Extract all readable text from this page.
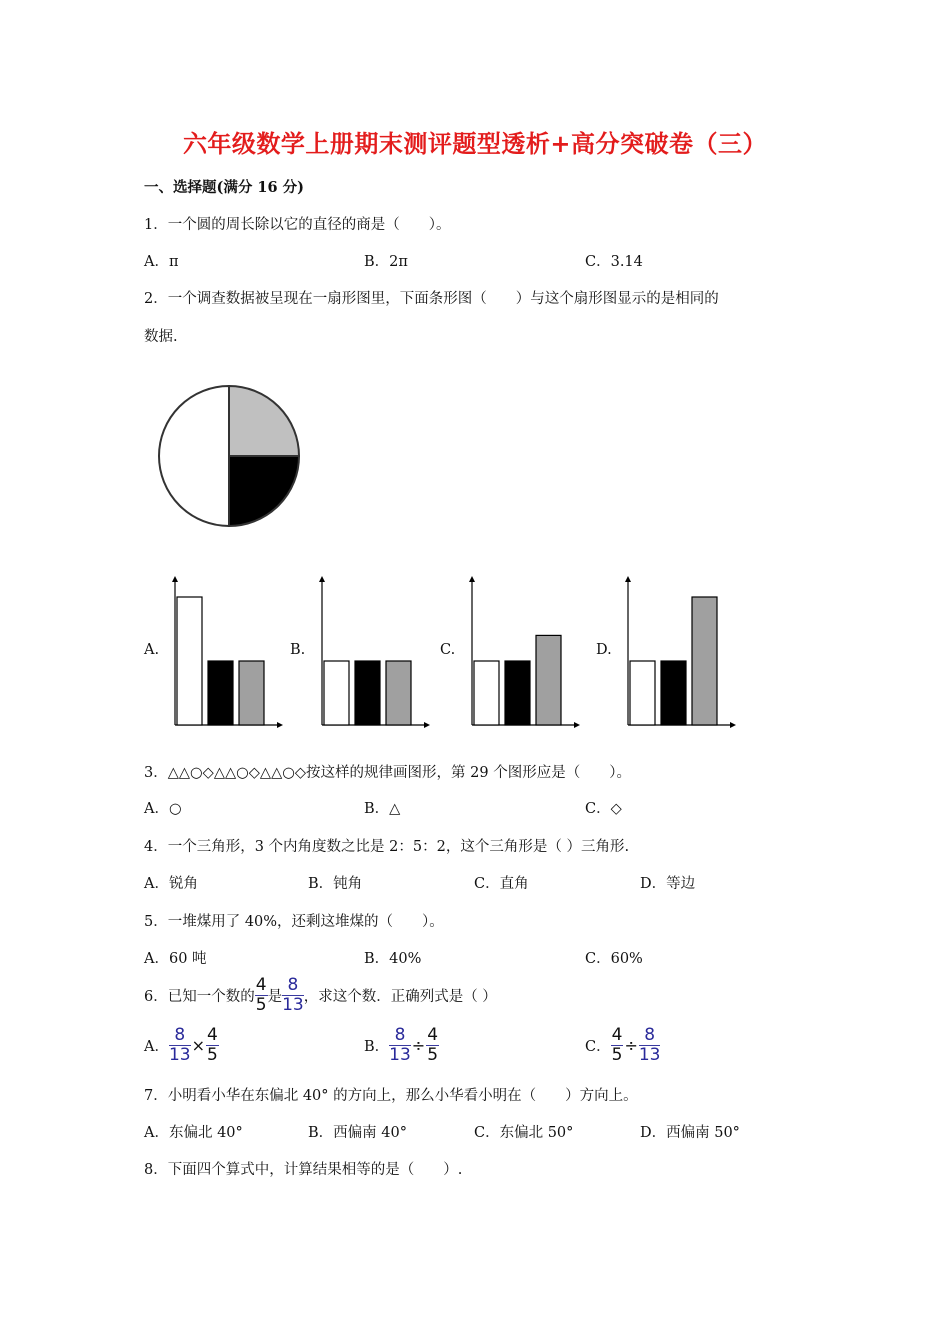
六年级数学上册期末测评题型透析+高分突破卷（三）
一、选择题(满分 16 分)
1．一个圆的周长除以它的直径的商是（　　）。
A．π	B．2π	C．3.14
2．一个调查数据被呈现在一扇形图里，下面条形图（　　）与这个扇形图显示的是相同的
数据.
A.	B.	C.	D.
3．△△○◇△△○◇△△○◇按这样的规律画图形，第 29 个图形应是（　　）。
A．○	B．△	C．◇
4．一个三角形，3 个内角度数之比是 2：5：2，这个三角形是（ ）三角形.
A．锐角	B．钝角	C．直角	D．等边
5．一堆煤用了 40%，还剩这堆煤的（　　）。
A．60 吨	B．40%	C．60%
6．已知一个数的 $\frac{4}{5}$ 是 $\frac{8}{13}$ ，求这个数．正确列式是（ ）
A． $\frac{8}{13} \times \frac{4}{5}$	B． $\frac{8}{13} \div \frac{4}{5}$	C． $\frac{4}{5} \div \frac{8}{13}$
7．小明看小华在东偏北 40° 的方向上，那么小华看小明在（　　）方向上。
A．东偏北 40°	B．西偏南 40°	C．东偏北 50°	D．西偏南 50°
8．下面四个算式中，计算结果相等的是（　　）.
